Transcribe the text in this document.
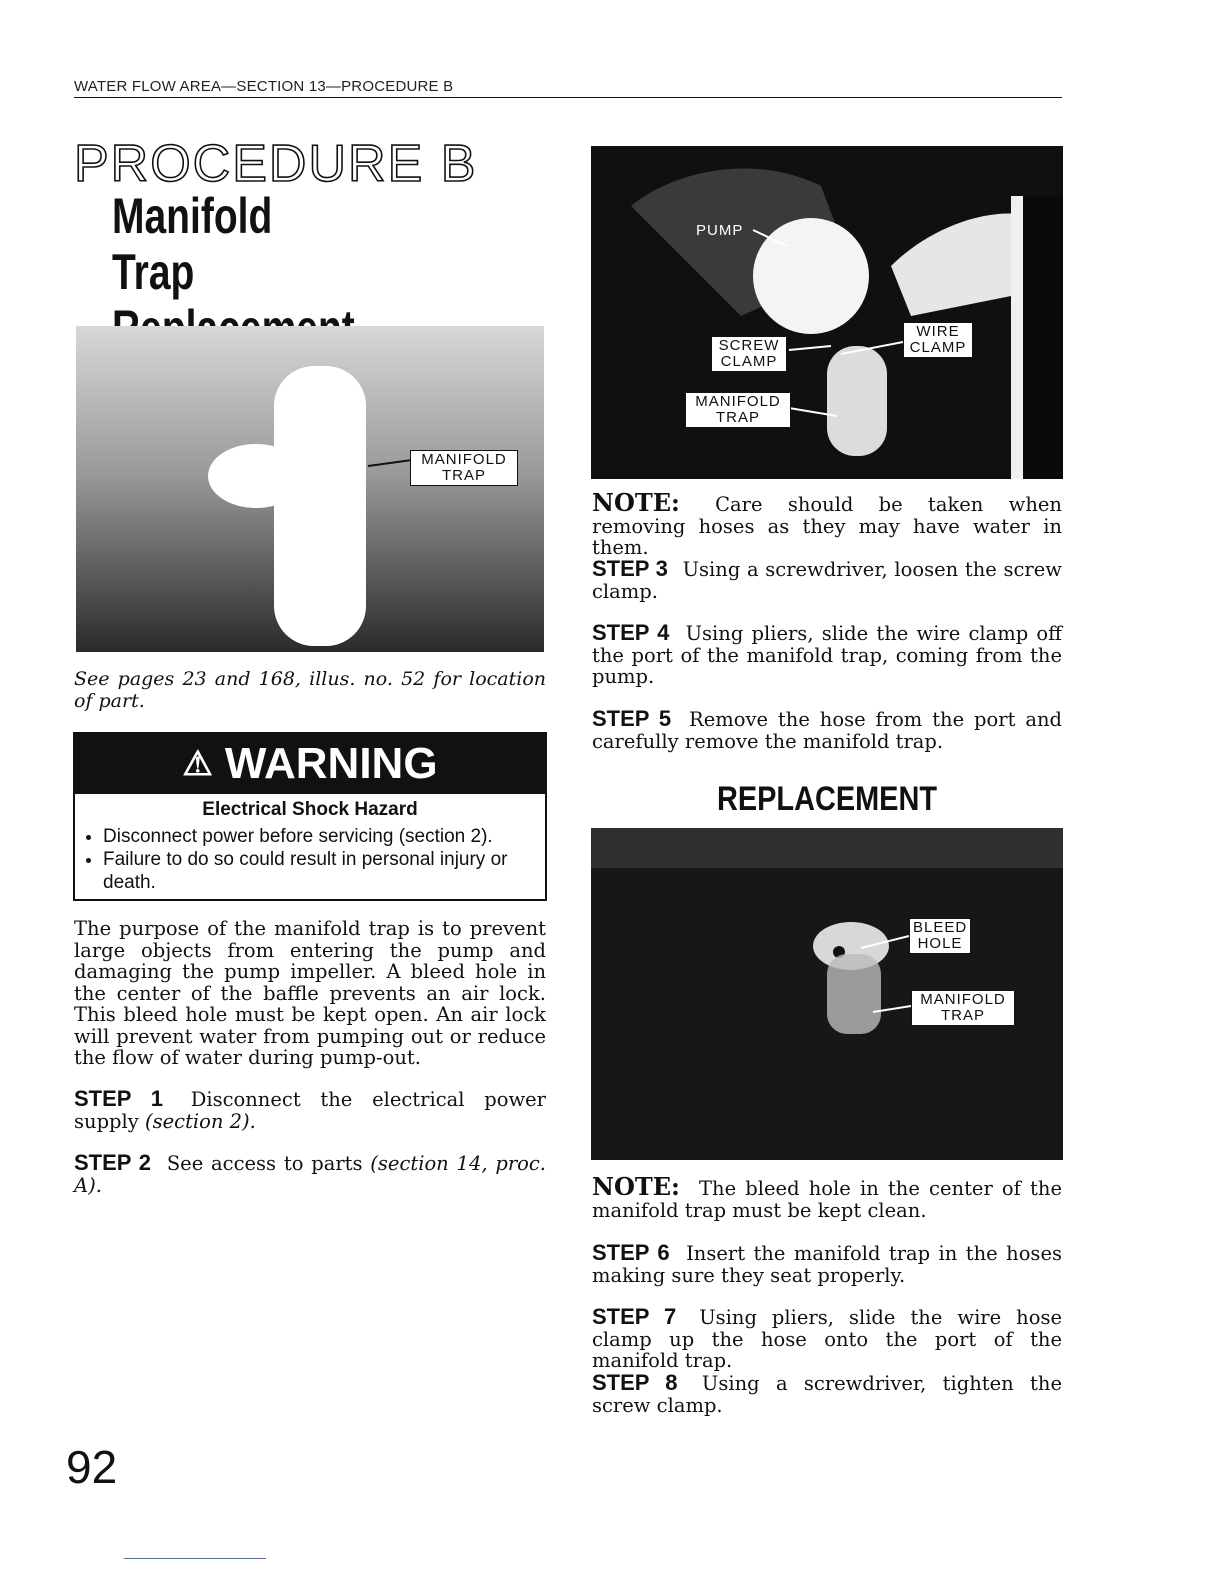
WATER FLOW AREA—SECTION 13—PROCEDURE B
PROCEDURE B
Manifold Trap
MANIFOLD
TRAP
See pages 23 and 168, illus. no. 52 for location of part.
⚠ WARNING
Electrical Shock Hazard
• Disconnect power before servicing (section 2).
• Failure to do so could result in personal injury or death.
The purpose of the manifold trap is to prevent large objects from entering the pump and damaging the pump impeller. A bleed hole in the center of the baffle prevents an air lock. This bleed hole must be kept open. An air lock will prevent water from pumping out or reduce the flow of water during pump-out.
STEP 1 Disconnect the electrical power supply (section 2).
STEP 2 See access to parts (section 14, proc. A).
PUMP
SCREW
CLAMP
WIRE
CLAMP
MANIFOLD
TRAP
NOTE: Care should be taken when removing hoses as they may have water in them.
STEP 3 Using a screwdriver, loosen the screw clamp.
STEP 4 Using pliers, slide the wire clamp off the port of the manifold trap, coming from the pump.
STEP 5 Remove the hose from the port and carefully remove the manifold trap.
REPLACEMENT
BLEED
HOLE
MANIFOLD
TRAP
NOTE: The bleed hole in the center of the manifold trap must be kept clean.
STEP 6 Insert the manifold trap in the hoses making sure they seat properly.
STEP 7 Using pliers, slide the wire hose clamp up the hose onto the port of the manifold trap.
STEP 8 Using a screwdriver, tighten the screw clamp.
92
